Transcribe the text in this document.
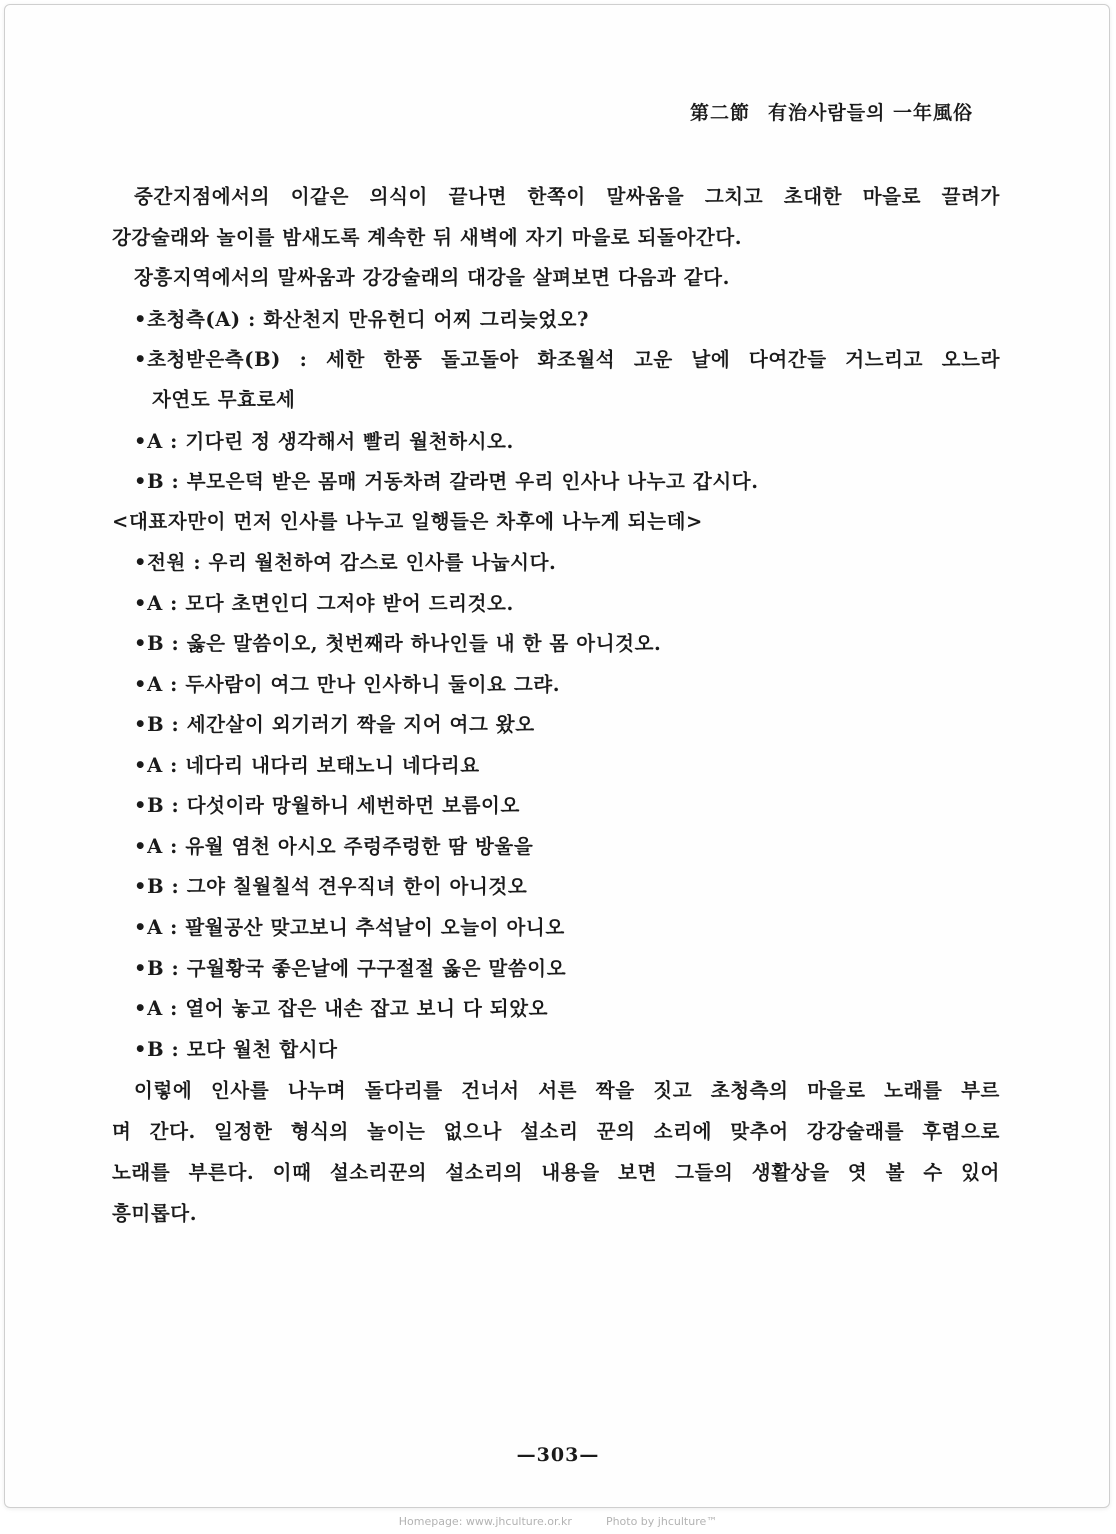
第二節 有治사람들의 一年風俗
중간지점에서의 이같은 의식이 끝나면 한쪽이 말싸움을 그치고 초대한 마을로 끌려가
강강술래와 놀이를 밤새도록 계속한 뒤 새벽에 자기 마을로 되돌아간다.
장흥지역에서의 말싸움과 강강술래의 대강을 살펴보면 다음과 같다.
•초청측(A) : 화산천지 만유헌디 어찌 그리늦었오?
•초청받은측(B) : 세한 한풍 돌고돌아 화조월석 고운 날에 다여간들 거느리고 오느라
자연도 무효로세
•A : 기다린 정 생각해서 빨리 월천하시오.
•B : 부모은덕 받은 몸매 거동차려 갈라면 우리 인사나 나누고 갑시다.
<대표자만이 먼저 인사를 나누고 일행들은 차후에 나누게 되는데>
•전원 : 우리 월천하여 감스로 인사를 나눕시다.
•A : 모다 초면인디 그저야 받어 드리것오.
•B : 옳은 말씀이오, 첫번째라 하나인들 내 한 몸 아니것오.
•A : 두사람이 여그 만나 인사하니 둘이요 그랴.
•B : 세간살이 외기러기 짝을 지어 여그 왔오
•A : 네다리 내다리 보태노니 네다리요
•B : 다섯이라 망월하니 세번하먼 보름이오
•A : 유월 염천 아시오 주렁주렁한 땀 방울을
•B : 그야 칠월칠석 견우직녀 한이 아니것오
•A : 팔월공산 맞고보니 추석날이 오늘이 아니오
•B : 구월황국 좋은날에 구구절절 옳은 말씀이오
•A : 열어 놓고 잡은 내손 잡고 보니 다 되았오
•B : 모다 월천 합시다
이렇에 인사를 나누며 돌다리를 건너서 서른 짝을 짓고 초청측의 마을로 노래를 부르
며 간다. 일정한 형식의 놀이는 없으나 설소리 꾼의 소리에 맞추어 강강술래를 후렴으로
노래를 부른다. 이때 설소리꾼의 설소리의 내용을 보면 그들의 생활상을 엿 볼 수 있어
흥미롭다.
—303—
Homepage: www.jhculture.or.kr	Photo by jhculture™
